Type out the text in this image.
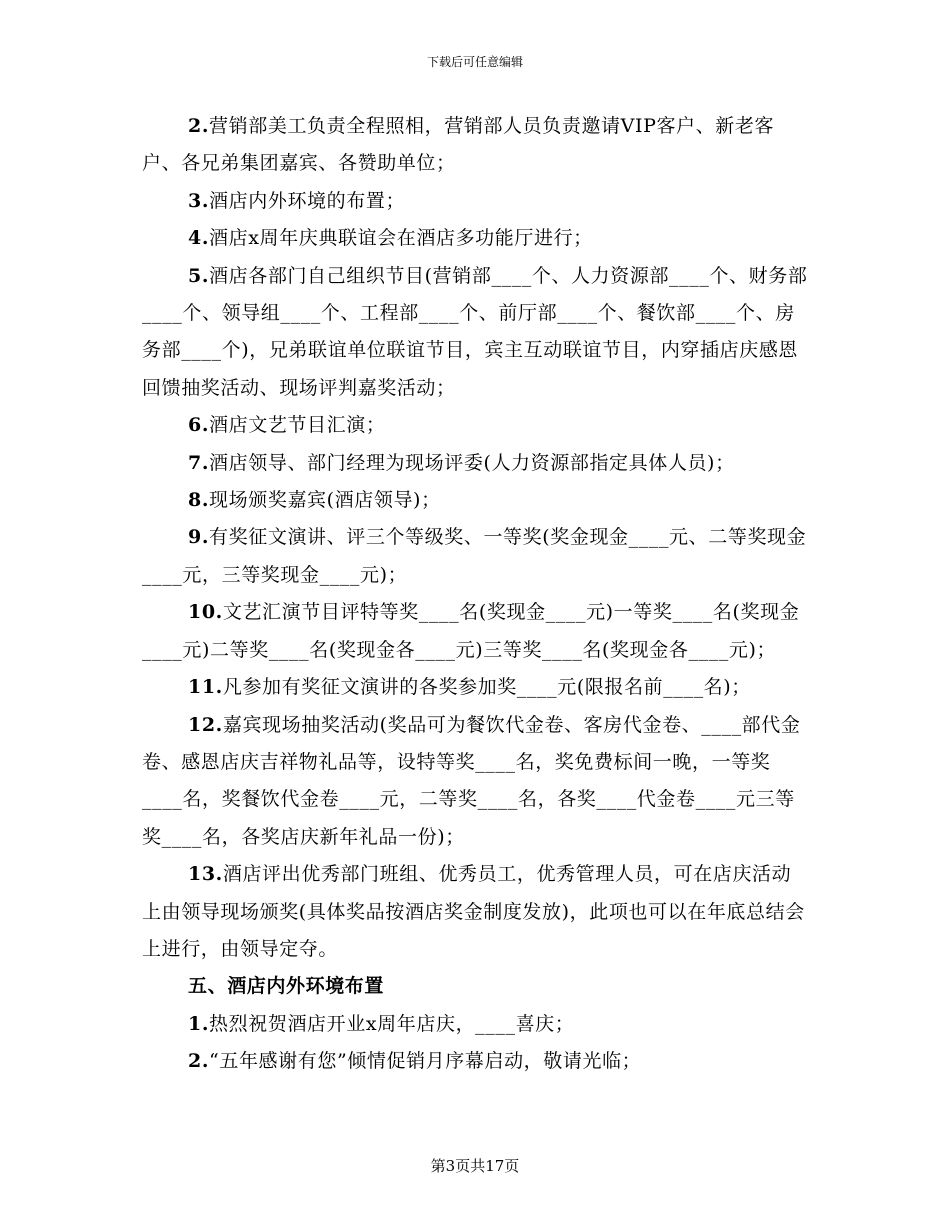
下载后可任意编辑

2.营销部美工负责全程照相，营销部人员负责邀请VIP客户、新老客户、各兄弟集团嘉宾、各赞助单位；

3.酒店内外环境的布置；

4.酒店x周年庆典联谊会在酒店多功能厅进行；

5.酒店各部门自己组织节目(营销部____个、人力资源部____个、财务部____个、领导组____个、工程部____个、前厅部____个、餐饮部____个、房务部____个)，兄弟联谊单位联谊节目，宾主互动联谊节目，内穿插店庆感恩回馈抽奖活动、现场评判嘉奖活动；

6.酒店文艺节目汇演；

7.酒店领导、部门经理为现场评委(人力资源部指定具体人员)；

8.现场颁奖嘉宾(酒店领导)；

9.有奖征文演讲、评三个等级奖、一等奖(奖金现金____元、二等奖现金____元，三等奖现金____元)；

10.文艺汇演节目评特等奖____名(奖现金____元)一等奖____名(奖现金____元)二等奖____名(奖现金各____元)三等奖____名(奖现金各____元)；

11.凡参加有奖征文演讲的各奖参加奖____元(限报名前____名)；

12.嘉宾现场抽奖活动(奖品可为餐饮代金卷、客房代金卷、____部代金卷、感恩店庆吉祥物礼品等，设特等奖____名，奖免费标间一晚，一等奖____名，奖餐饮代金卷____元，二等奖____名，各奖____代金卷____元三等奖____名，各奖店庆新年礼品一份)；

13.酒店评出优秀部门班组、优秀员工，优秀管理人员，可在店庆活动上由领导现场颁奖(具体奖品按酒店奖金制度发放)，此项也可以在年底总结会上进行，由领导定夺。

五、酒店内外环境布置

1.热烈祝贺酒店开业x周年店庆，____喜庆；

2.“五年感谢有您”倾情促销月序幕启动，敬请光临；

第3页共17页
